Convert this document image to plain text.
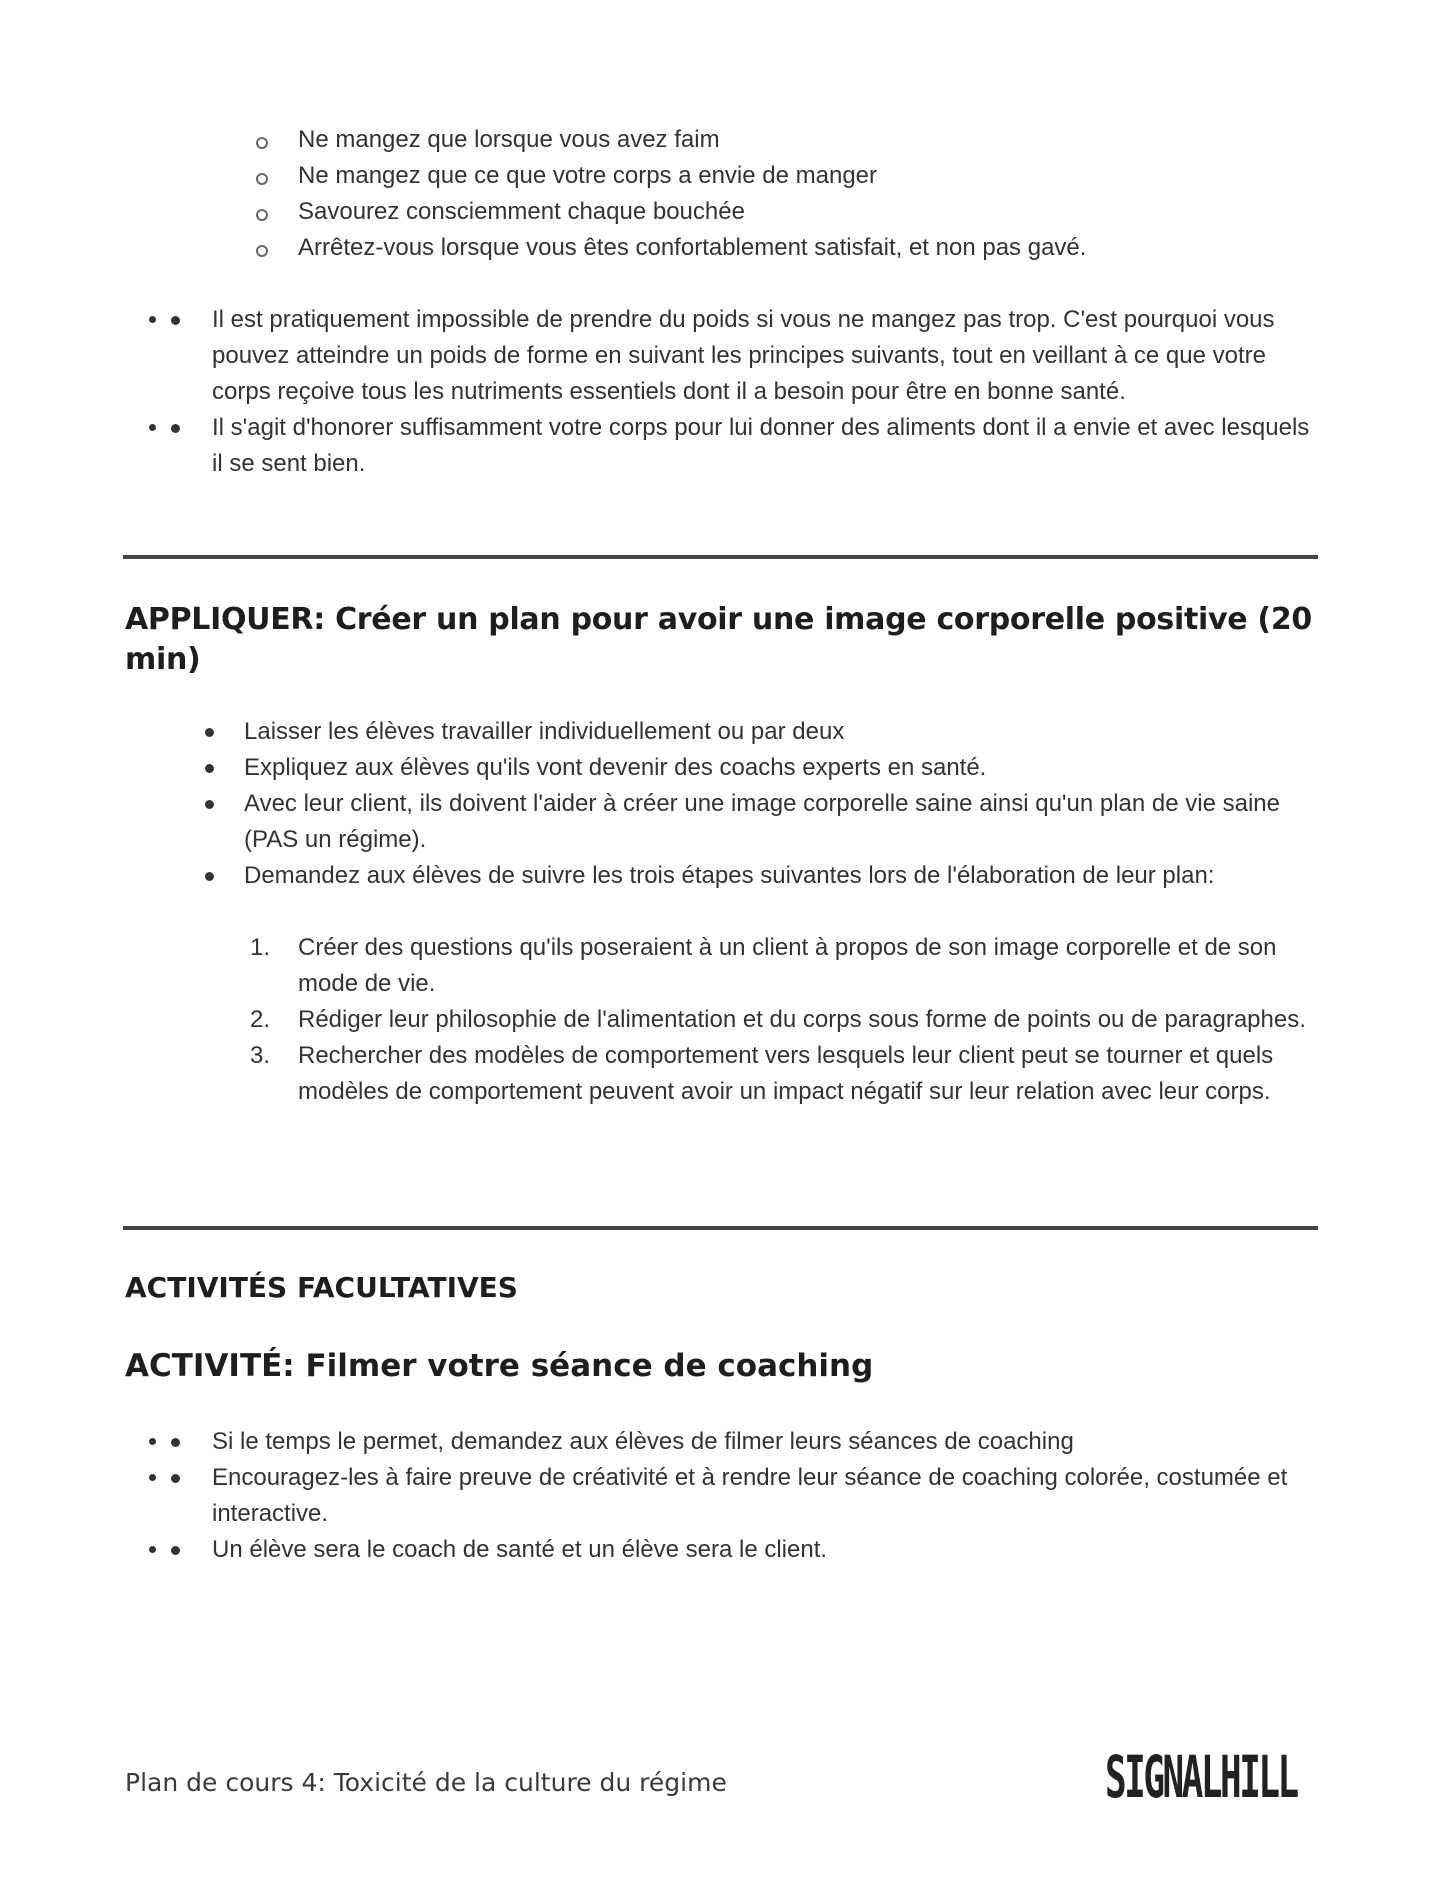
Ne mangez que lorsque vous avez faim
Ne mangez que ce que votre corps a envie de manger
Savourez consciemment chaque bouchée
Arrêtez-vous lorsque vous êtes confortablement satisfait, et non pas gavé.
• Il est pratiquement impossible de prendre du poids si vous ne mangez pas trop. C'est pourquoi vous pouvez atteindre un poids de forme en suivant les principes suivants, tout en veillant à ce que votre corps reçoive tous les nutriments essentiels dont il a besoin pour être en bonne santé.
• Il s'agit d'honorer suffisamment votre corps pour lui donner des aliments dont il a envie et avec lesquels il se sent bien.
APPLIQUER: Créer un plan pour avoir une image corporelle positive (20 min)
Laisser les élèves travailler individuellement ou par deux
Expliquez aux élèves qu'ils vont devenir des coachs experts en santé.
Avec leur client, ils doivent l'aider à créer une image corporelle saine ainsi qu'un plan de vie saine (PAS un régime).
Demandez aux élèves de suivre les trois étapes suivantes lors de l'élaboration de leur plan:
1. Créer des questions qu'ils poseraient à un client à propos de son image corporelle et de son mode de vie.
2. Rédiger leur philosophie de l'alimentation et du corps sous forme de points ou de paragraphes.
3. Rechercher des modèles de comportement vers lesquels leur client peut se tourner et quels modèles de comportement peuvent avoir un impact négatif sur leur relation avec leur corps.
ACTIVITÉS FACULTATIVES
ACTIVITÉ: Filmer votre séance de coaching
• Si le temps le permet, demandez aux élèves de filmer leurs séances de coaching
• Encouragez-les à faire preuve de créativité et à rendre leur séance de coaching colorée, costumée et interactive.
• Un élève sera le coach de santé et un élève sera le client.
Plan de cours 4: Toxicité de la culture du régime	SIGNALHILL
